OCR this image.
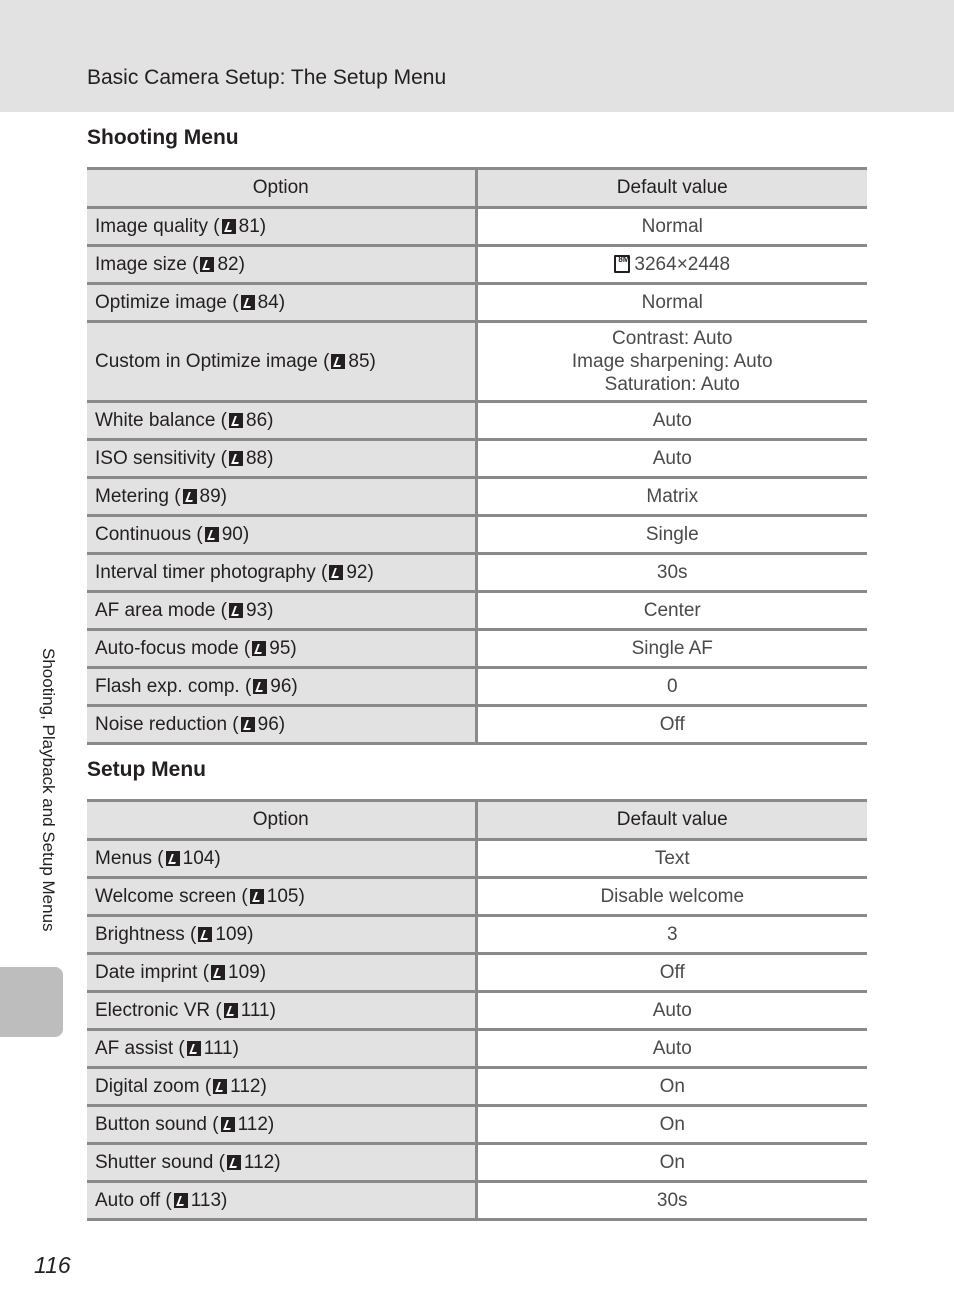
Basic Camera Setup: The Setup Menu
Shooting Menu
Option	Default value
Image quality ( 81)	Normal
Image size ( 82)	8M3264×2448
Optimize image ( 84)	Normal
Custom in Optimize image ( 85)	Contrast: Auto
Image sharpening: Auto
Saturation: Auto

White balance ( 86)	Auto
ISO sensitivity ( 88)	Auto
Metering ( 89)	Matrix
Continuous ( 90)	Single
Interval timer photography ( 92)	30s
AF area mode ( 93)	Center
Auto-focus mode ( 95)	Single AF
Flash exp. comp. ( 96)	0
Noise reduction ( 96)	Off
Setup Menu
Option	Default value
Menus ( 104)	Text
Welcome screen ( 105)	Disable welcome
Brightness ( 109)	3
Date imprint ( 109)	Off
Electronic VR ( 111)	Auto
AF assist ( 111)	Auto
Digital zoom ( 112)	On
Button sound ( 112)	On
Shutter sound ( 112)	On
Auto off ( 113)	30s
Shooting, Playback and Setup Menus
116
